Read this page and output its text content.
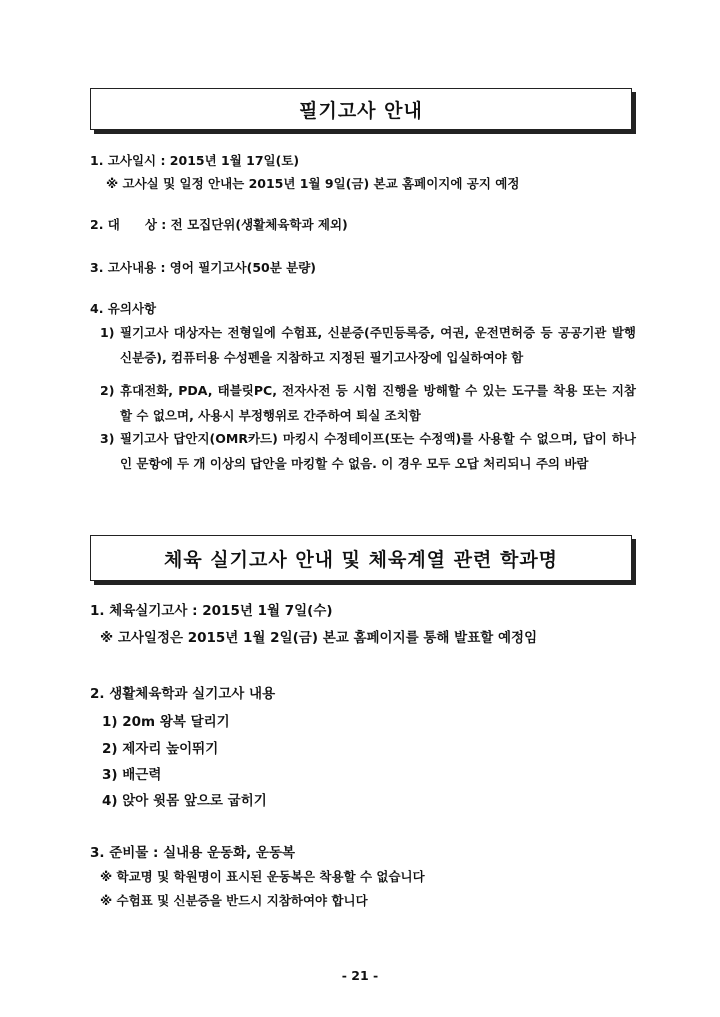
필기고사 안내
1. 고사일시 : 2015년 1월 17일(토)
※ 고사실 및 일정 안내는 2015년 1월 9일(금) 본교 홈페이지에 공지 예정
2. 대　　상 : 전 모집단위(생활체육학과 제외)
3. 고사내용 : 영어 필기고사(50분 분량)
4. 유의사항
1) 필기고사 대상자는 전형일에 수험표, 신분증(주민등록증, 여권, 운전면허증 등 공공기관 발행 신분증), 컴퓨터용 수성펜을 지참하고 지정된 필기고사장에 입실하여야 함
2) 휴대전화, PDA, 태블릿PC, 전자사전 등 시험 진행을 방해할 수 있는 도구를 착용 또는 지참 할 수 없으며, 사용시 부정행위로 간주하여 퇴실 조치함
3) 필기고사 답안지(OMR카드) 마킹시 수정테이프(또는 수정액)를 사용할 수 없으며, 답이 하나인 문항에 두 개 이상의 답안을 마킹할 수 없음. 이 경우 모두 오답 처리되니 주의 바람
체육 실기고사 안내 및 체육계열 관련 학과명
1. 체육실기고사 : 2015년 1월 7일(수)
※ 고사일정은 2015년 1월 2일(금) 본교 홈페이지를 통해 발표할 예정임
2. 생활체육학과 실기고사 내용
1) 20m 왕복 달리기
2) 제자리 높이뛰기
3) 배근력
4) 앉아 윗몸 앞으로 굽히기
3. 준비물 : 실내용 운동화, 운동복
※ 학교명 및 학원명이 표시된 운동복은 착용할 수 없습니다
※ 수험표 및 신분증을 반드시 지참하여야 합니다
- 21 -
